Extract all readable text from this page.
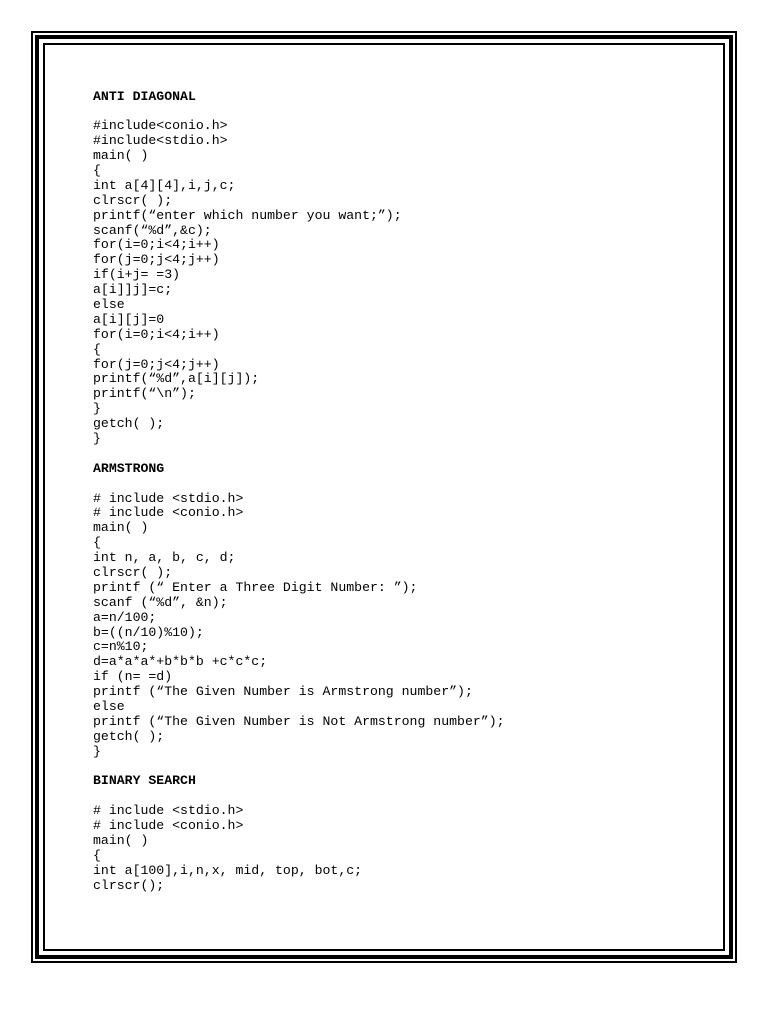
ANTI DIAGONAL
#include<conio.h>
#include<stdio.h>
main( )
{
int a[4][4],i,j,c;
clrscr( );
printf(“enter which number you want;”);
scanf(“%d”,&c);
for(i=0;i<4;i++)
for(j=0;j<4;j++)
if(i+j= =3)
a[i]]j]=c;
else
a[i][j]=0
for(i=0;i<4;i++)
{
for(j=0;j<4;j++)
printf(“%d”,a[i][j]);
printf(“\n”);
}
getch( );
}
ARMSTRONG
# include <stdio.h>
# include <conio.h>
main( )
{
int n, a, b, c, d;
clrscr( );
printf (“ Enter a Three Digit Number: ”);
scanf (“%d”, &n);
a=n/100;
b=((n/10)%10);
c=n%10;
d=a*a*a*+b*b*b +c*c*c;
if (n= =d)
printf (“The Given Number is Armstrong number”);
else
printf (“The Given Number is Not Armstrong number”);
getch( );
}
BINARY SEARCH
# include <stdio.h>
# include <conio.h>
main( )
{
int a[100],i,n,x, mid, top, bot,c;
clrscr();
